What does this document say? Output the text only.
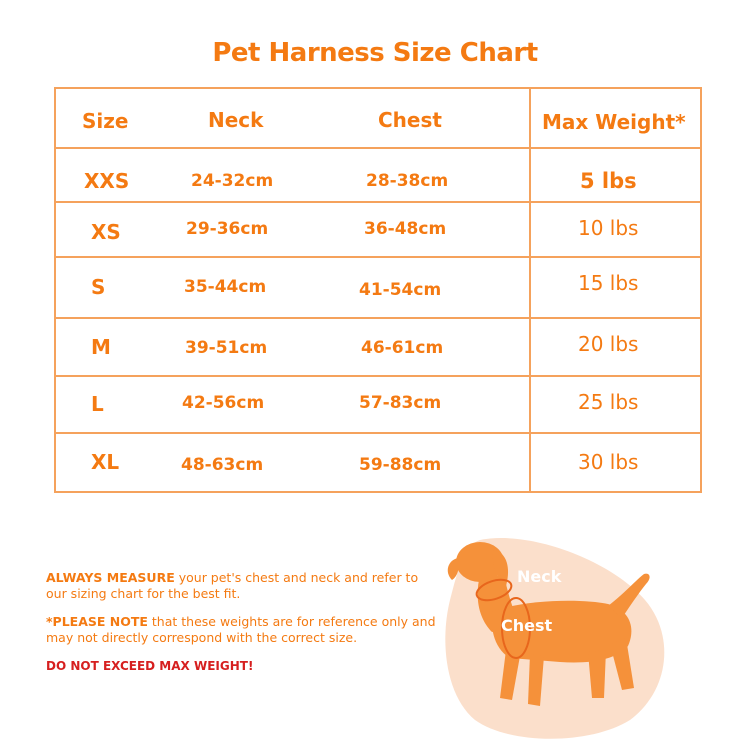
Pet Harness Size Chart
Size	Neck	Chest	Max Weight*
XXS	24-32cm	28-38cm	5 lbs
XS	29-36cm	36-48cm	10 lbs
S	35-44cm	41-54cm	15 lbs
M	39-51cm	46-61cm	20 lbs
L	42-56cm	57-83cm	25 lbs
XL	48-63cm	59-88cm	30 lbs

ALWAYS MEASURE your pet's chest and neck and refer to our sizing chart for the best fit.

*PLEASE NOTE that these weights are for reference only and may not directly correspond with the correct size.

DO NOT EXCEED MAX WEIGHT!

Neck
Chest
